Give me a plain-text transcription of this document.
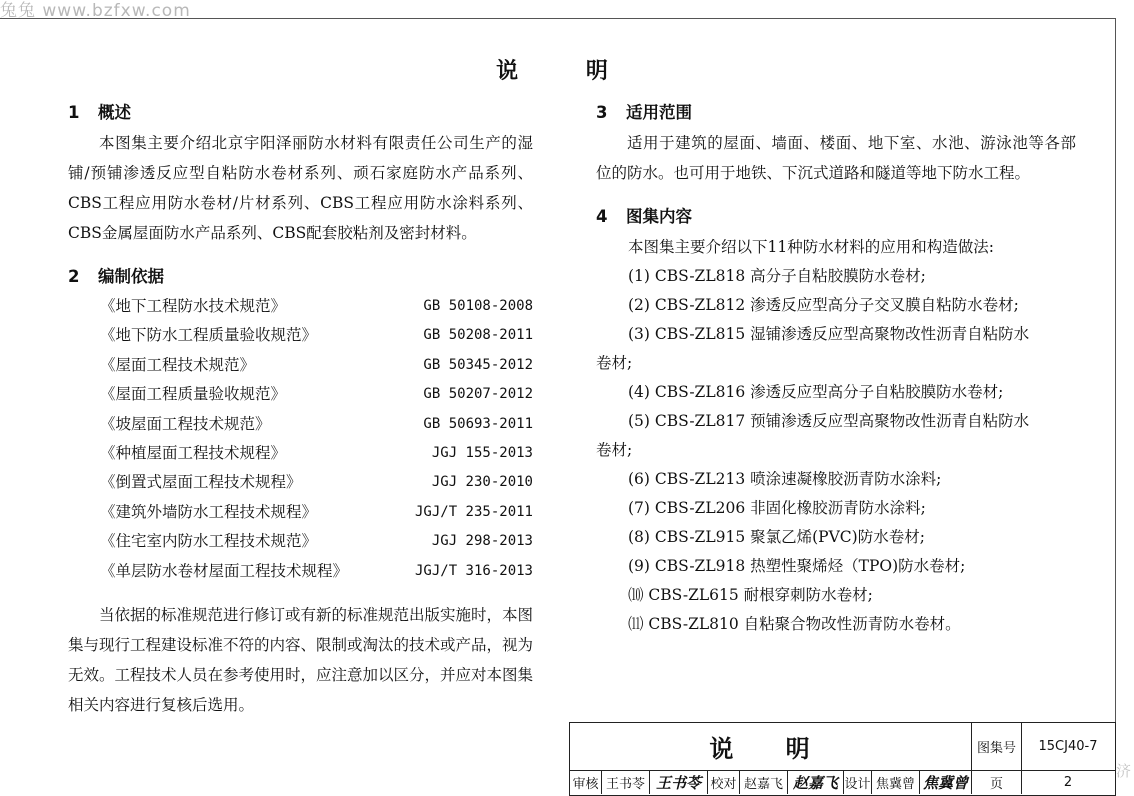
兔兔 www.bzfxw.com
济
说 明
1 概述
本图集主要介绍北京宇阳泽丽防水材料有限责任公司生产的湿铺/预铺渗透反应型自粘防水卷材系列、顽石家庭防水产品系列、CBS工程应用防水卷材/片材系列、CBS工程应用防水涂料系列、CBS金属屋面防水产品系列、CBS配套胶粘剂及密封材料。
2 编制依据
《地下工程防水技术规范》	GB 50108-2008
《地下防水工程质量验收规范》	GB 50208-2011
《屋面工程技术规范》	GB 50345-2012
《屋面工程质量验收规范》	GB 50207-2012
《坡屋面工程技术规范》	GB 50693-2011
《种植屋面工程技术规程》	JGJ 155-2013
《倒置式屋面工程技术规程》	JGJ 230-2010
《建筑外墙防水工程技术规程》	JGJ/T 235-2011
《住宅室内防水工程技术规范》	JGJ 298-2013
《单层防水卷材屋面工程技术规程》	JGJ/T 316-2013
当依据的标准规范进行修订或有新的标准规范出版实施时，本图集与现行工程建设标准不符的内容、限制或淘汰的技术或产品，视为无效。工程技术人员在参考使用时，应注意加以区分，并应对本图集相关内容进行复核后选用。
3 适用范围
适用于建筑的屋面、墙面、楼面、地下室、水池、游泳池等各部位的防水。也可用于地铁、下沉式道路和隧道等地下防水工程。
4 图集内容
本图集主要介绍以下11种防水材料的应用和构造做法:
(1) CBS-ZL818 高分子自粘胶膜防水卷材;
(2) CBS-ZL812 渗透反应型高分子交叉膜自粘防水卷材;
(3) CBS-ZL815 湿铺渗透反应型高聚物改性沥青自粘防水
卷材;
(4) CBS-ZL816 渗透反应型高分子自粘胶膜防水卷材;
(5) CBS-ZL817 预铺渗透反应型高聚物改性沥青自粘防水
卷材;
(6) CBS-ZL213 喷涂速凝橡胶沥青防水涂料;
(7) CBS-ZL206 非固化橡胶沥青防水涂料;
(8) CBS-ZL915 聚氯乙烯(PVC)防水卷材;
(9) CBS-ZL918 热塑性聚烯烃（TPO)防水卷材;
⑽ CBS-ZL615 耐根穿刺防水卷材;
⑾ CBS-ZL810 自粘聚合物改性沥青防水卷材。
说 明	图集号	15CJ40-7
审核 王书苓 王书苓 校对 赵嘉飞 赵嘉飞 设计 焦冀曾 焦冀曾	页	2
